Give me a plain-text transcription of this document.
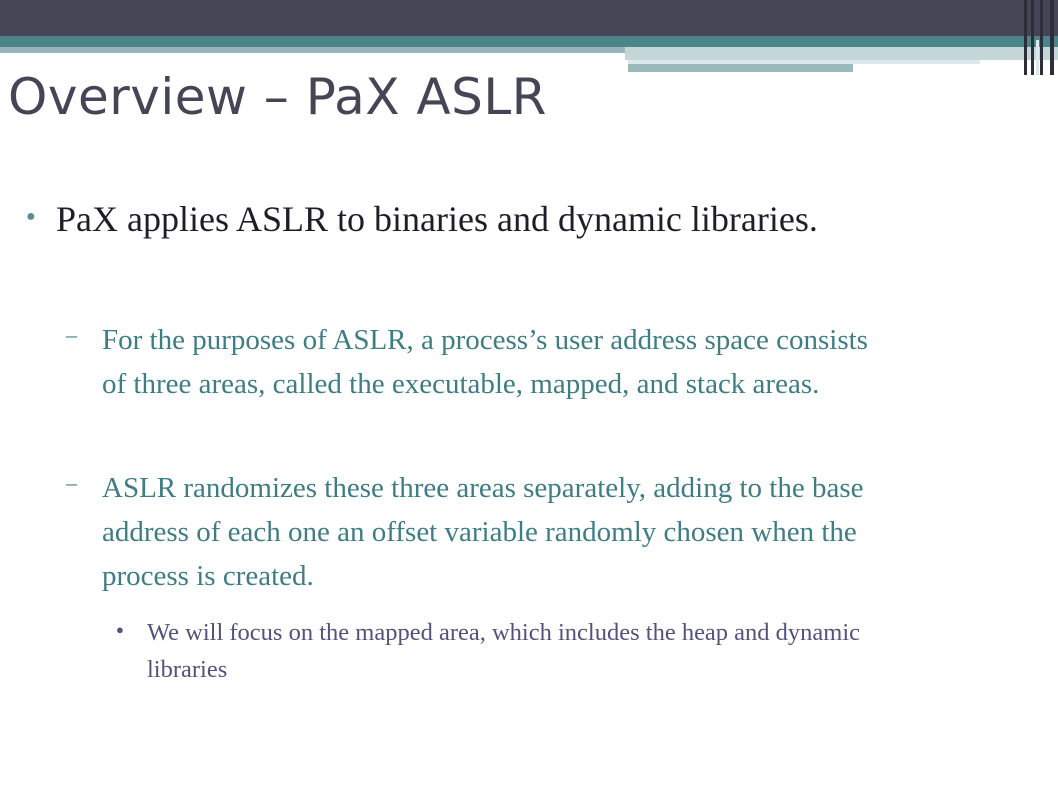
Overview – PaX ASLR
● PaX applies ASLR to binaries and dynamic libraries.
– For the purposes of ASLR, a process’s user address space consists of three areas, called the executable, mapped, and stack areas.
– ASLR randomizes these three areas separately, adding to the base address of each one an offset variable randomly chosen when the process is created.
● We will focus on the mapped area, which includes the heap and dynamic libraries
